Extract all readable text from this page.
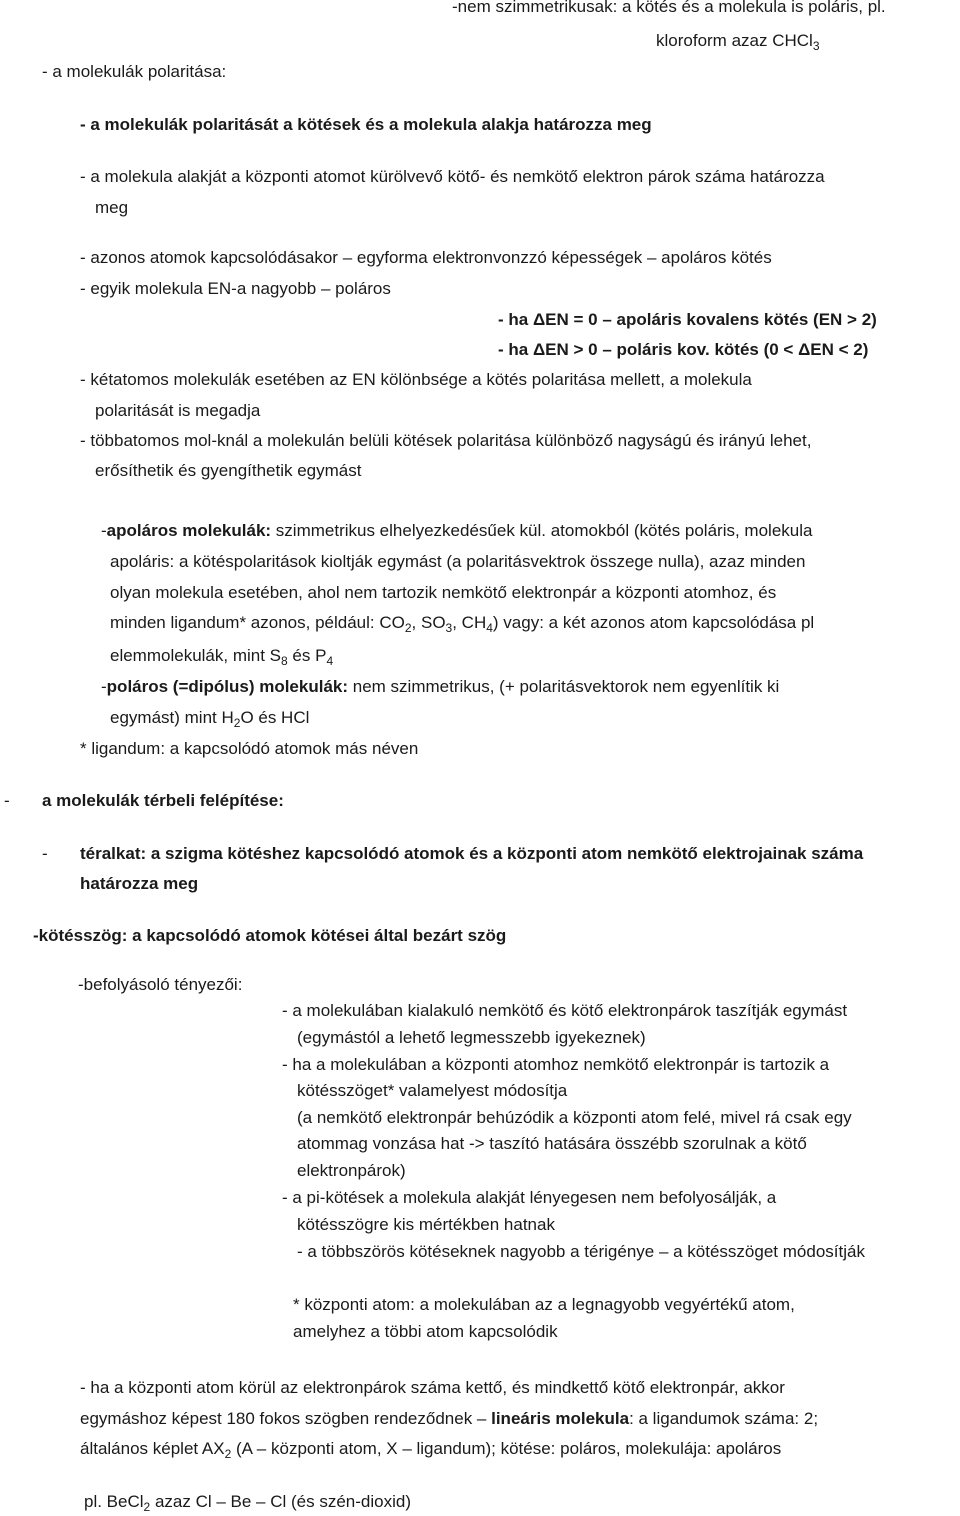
-nem szimmetrikusak: a kötés és a molekula is poláris, pl.
kloroform azaz CHCl$_3$
- a molekulák polaritása:
- a molekulák polaritását a kötések és a molekula alakja határozza meg
- a molekula alakját a központi atomot kürölvevő kötő- és nemkötő elektron párok száma határozza
meg
- azonos atomok kapcsolódásakor – egyforma elektronvonzzó képességek – apoláros kötés
- egyik molekula EN-a nagyobb – poláros
- ha ΔEN = 0 – apoláris kovalens kötés (EN > 2)
- ha ΔEN > 0 – poláris kov. kötés (0 < ΔEN < 2)
- kétatomos molekulák esetében az EN kölönbsége a kötés polaritása mellett, a molekula
polaritását is megadja
- többatomos mol-knál a molekulán belüli kötések polaritása különböző nagyságú és irányú lehet,
erősíthetik és gyengíthetik egymást
-apoláros molekulák: szimmetrikus elhelyezkedésűek kül. atomokból (kötés poláris, molekula
apoláris: a kötéspolaritások kioltják egymást (a polaritásvektrok összege nulla), azaz minden
olyan molekula esetében, ahol nem tartozik nemkötő elektronpár a központi atomhoz, és
minden ligandum* azonos, például: $CO_2$, $SO_3$, $CH_4$) vagy: a két azonos atom kapcsolódása pl
elemmolekulák, mint $S_8$ és $P_4$
-poláros (=dipólus) molekulák: nem szimmetrikus, (+ polaritásvektorok nem egyenlítik ki
egymást) mint $H_2O$ és HCl
* ligandum: a kapcsolódó atomok más néven
- a molekulák térbeli felépítése:
- téralkat: a szigma kötéshez kapcsolódó atomok és a központi atom nemkötő elektrojainak száma
határozza meg
-kötésszög: a kapcsolódó atomok kötései által bezárt szög
-befolyásoló tényezői:
- a molekulában kialakuló nemkötő és kötő elektronpárok taszítják egymást
(egymástól a lehető legmesszebb igyekeznek)
- ha a molekulában a központi atomhoz nemkötő elektronpár is tartozik a
kötésszöget* valamelyest módosítja
(a nemkötő elektronpár behúzódik a központi atom felé, mivel rá csak egy
atommag vonzása hat -> taszító hatására összébb szorulnak a kötő
elektronpárok)
- a pi-kötések a molekula alakját lényegesen nem befolyosálják, a
kötésszögre kis mértékben hatnak
- a többszörös kötéseknek nagyobb a térigénye – a kötésszöget módosítják
* központi atom: a molekulában az a legnagyobb vegyértékű atom,
amelyhez a többi atom kapcsolódik
- ha a központi atom körül az elektronpárok száma kettő, és mindkettő kötő elektronpár, akkor
egymáshoz képest 180 fokos szögben rendeződnek – lineáris molekula: a ligandumok száma: 2;
általános képlet $AX_2$ (A – központi atom, X – ligandum); kötése: poláros, molekulája: apoláros
pl. BeCl$_2$ azaz Cl – Be – Cl (és szén-dioxid)
